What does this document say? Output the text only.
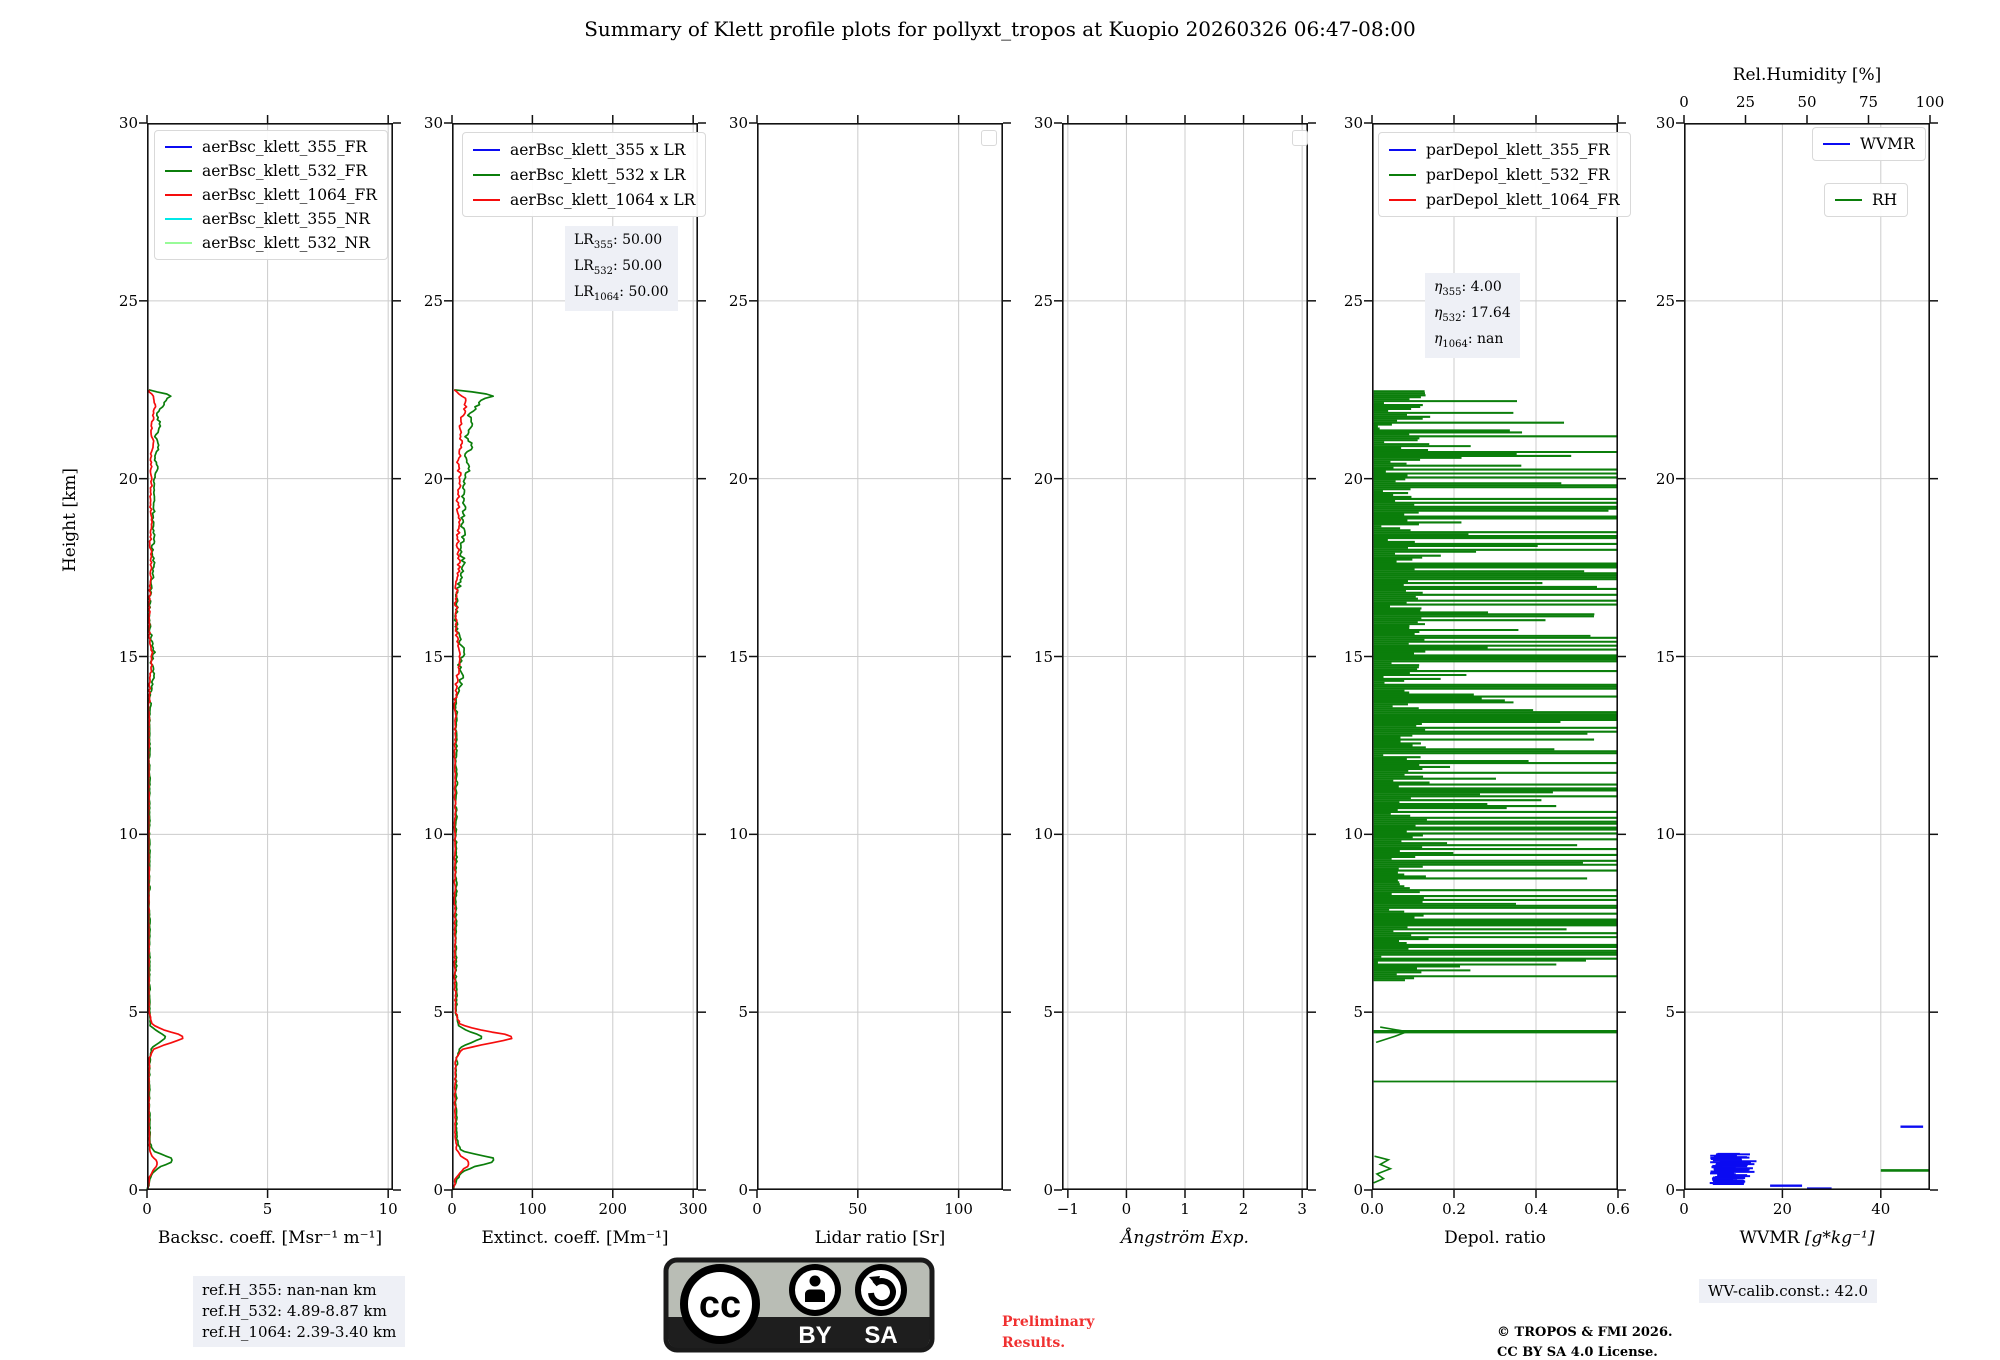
Summary of Klett profile plots for pollyxt_tropos at Kuopio 20260326 06:47-08:00
Height [km]
0
5
10
15
20
25
30
0	5	10
Backsc. coeff. [Msr⁻¹ m⁻¹]
aerBsc_klett_355_FR
aerBsc_klett_532_FR
aerBsc_klett_1064_FR
aerBsc_klett_355_NR
aerBsc_klett_532_NR
0
5
10
15
20
25
30
0	100	200	300
Extinct. coeff. [Mm⁻¹]
aerBsc_klett_355 x LR
aerBsc_klett_532 x LR
aerBsc_klett_1064 x LR
$LR_{355}$: 50.00
$LR_{532}$: 50.00
$LR_{1064}$: 50.00
0
5
10
15
20
25
30
0	50	100
Lidar ratio [Sr]
0
5
10
15
20
25
30
−1	0	1	2	3
Ångström Exp.
0
5
10
15
20
25
30
0.0	0.2	0.4	0.6
Depol. ratio
parDepol_klett_355_FR
parDepol_klett_532_FR
parDepol_klett_1064_FR
$\eta_{355}$: 4.00
$\eta_{532}$: 17.64
$\eta_{1064}$: nan
0
5
10
15
20
25
30
0	20	40
WVMR [g*kg⁻¹]
Rel.Humidity [%]
0	25	50	75	100
WVMR
RH
ref.H_355: nan-nan km
ref.H_532: 4.89-8.87 km
ref.H_1064: 2.39-3.40 km
cc
BY SA	Preliminary
Results.
© TROPOS & FMI 2026.
CC BY SA 4.0 License.
WV-calib.const.: 42.0
